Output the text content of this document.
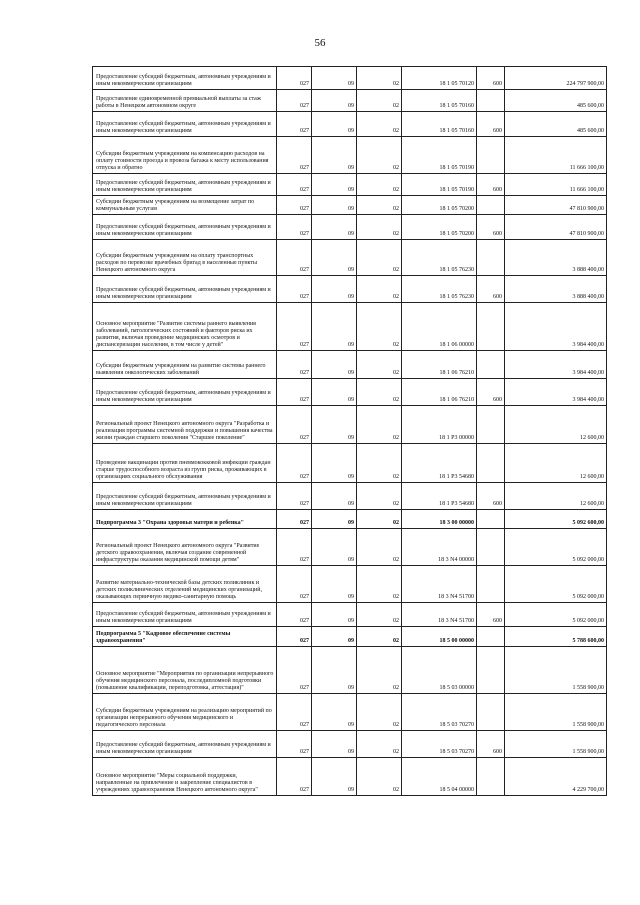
56
Предоставление субсидий бюджетным, автономным учреждениям и иным некоммерческим организациям	027	09	02	18 1 05 70120	600	224 797 900,00
Предоставление единовременной премиальной выплаты за стаж работы в Ненецком автономном округе	027	09	02	18 1 05 70160		485 600,00
Предоставление субсидий бюджетным, автономным учреждениям и иным некоммерческим организациям	027	09	02	18 1 05 70160	600	485 600,00
Субсидии бюджетным учреждениям на компенсацию расходов на оплату стоимости проезда и провоза багажа к месту использования отпуска и обратно	027	09	02	18 1 05 70190		11 666 100,00
Предоставление субсидий бюджетным, автономным учреждениям и иным некоммерческим организациям	027	09	02	18 1 05 70190	600	11 666 100,00
Субсидии бюджетным учреждениям на возмещение затрат по коммунальным услугам	027	09	02	18 1 05 70200		47 810 900,00
Предоставление субсидий бюджетным, автономным учреждениям и иным некоммерческим организациям	027	09	02	18 1 05 70200	600	47 810 900,00
Субсидии бюджетным учреждениям на оплату транспортных расходов по перевозке врачебных бригад в населенные пункты Ненецкого автономного округа	027	09	02	18 1 05 76230		3 888 400,00
Предоставление субсидий бюджетным, автономным учреждениям и иным некоммерческим организациям	027	09	02	18 1 05 76230	600	3 888 400,00
Основное мероприятие "Развитие системы раннего выявления заболеваний, патологических состояний и факторов риска их развития, включая проведение медицинских осмотров и диспансеризации населения, в том числе у детей"	027	09	02	18 1 06 00000		3 984 400,00
Субсидии бюджетным учреждениям на развитие системы раннего выявления онкологических заболеваний	027	09	02	18 1 06 76210		3 984 400,00
Предоставление субсидий бюджетным, автономным учреждениям и иным некоммерческим организациям	027	09	02	18 1 06 76210	600	3 984 400,00
Региональный проект Ненецкого автономного округа "Разработка и реализация программы системной поддержки и повышения качества жизни граждан старшего поколения "Старшее поколение"	027	09	02	18 1 P3 00000		12 600,00
Проведение вакцинации против пневмококковой инфекции граждан старше трудоспособного возраста из групп риска, проживающих в организациях социального обслуживания	027	09	02	18 1 P3 54680		12 600,00
Предоставление субсидий бюджетным, автономным учреждениям и иным некоммерческим организациям	027	09	02	18 1 P3 54680	600	12 600,00
Подпрограмма 3 "Охрана здоровья матери и ребенка"	027	09	02	18 3 00 00000		5 092 600,00
Региональный проект Ненецкого автономного округа "Развитие детского здравоохранения, включая создание современной инфраструктуры оказания медицинской помощи детям"	027	09	02	18 3 N4 00000		5 092 000,00
Развитие материально-технической базы детских поликлиник и детских поликлинических отделений медицинских организаций, оказывающих первичную медико-санитарную помощь	027	09	02	18 3 N4 51700		5 092 000,00
Предоставление субсидий бюджетным, автономным учреждениям и иным некоммерческим организациям	027	09	02	18 3 N4 51700	600	5 092 000,00
Подпрограмма 5 "Кадровое обеспечение системы здравоохранения"	027	09	02	18 5 00 00000		5 788 600,00
Основное мероприятие "Мероприятия по организации непрерывного обучения медицинского персонала, последипломной подготовки (повышение квалификации, переподготовка, аттестация)"	027	09	02	18 5 03 00000		1 558 900,00
Субсидии бюджетным учреждениям на реализацию мероприятий по организации непрерывного обучения медицинского и педагогического персонала	027	09	02	18 5 03 70270		1 558 900,00
Предоставление субсидий бюджетным, автономным учреждениям и иным некоммерческим организациям	027	09	02	18 5 03 70270	600	1 558 900,00
Основное мероприятие "Меры социальной поддержки, направленные на привлечение и закрепление специалистов в учреждениях здравоохранения Ненецкого автономного округа"	027	09	02	18 5 04 00000		4 229 700,00
